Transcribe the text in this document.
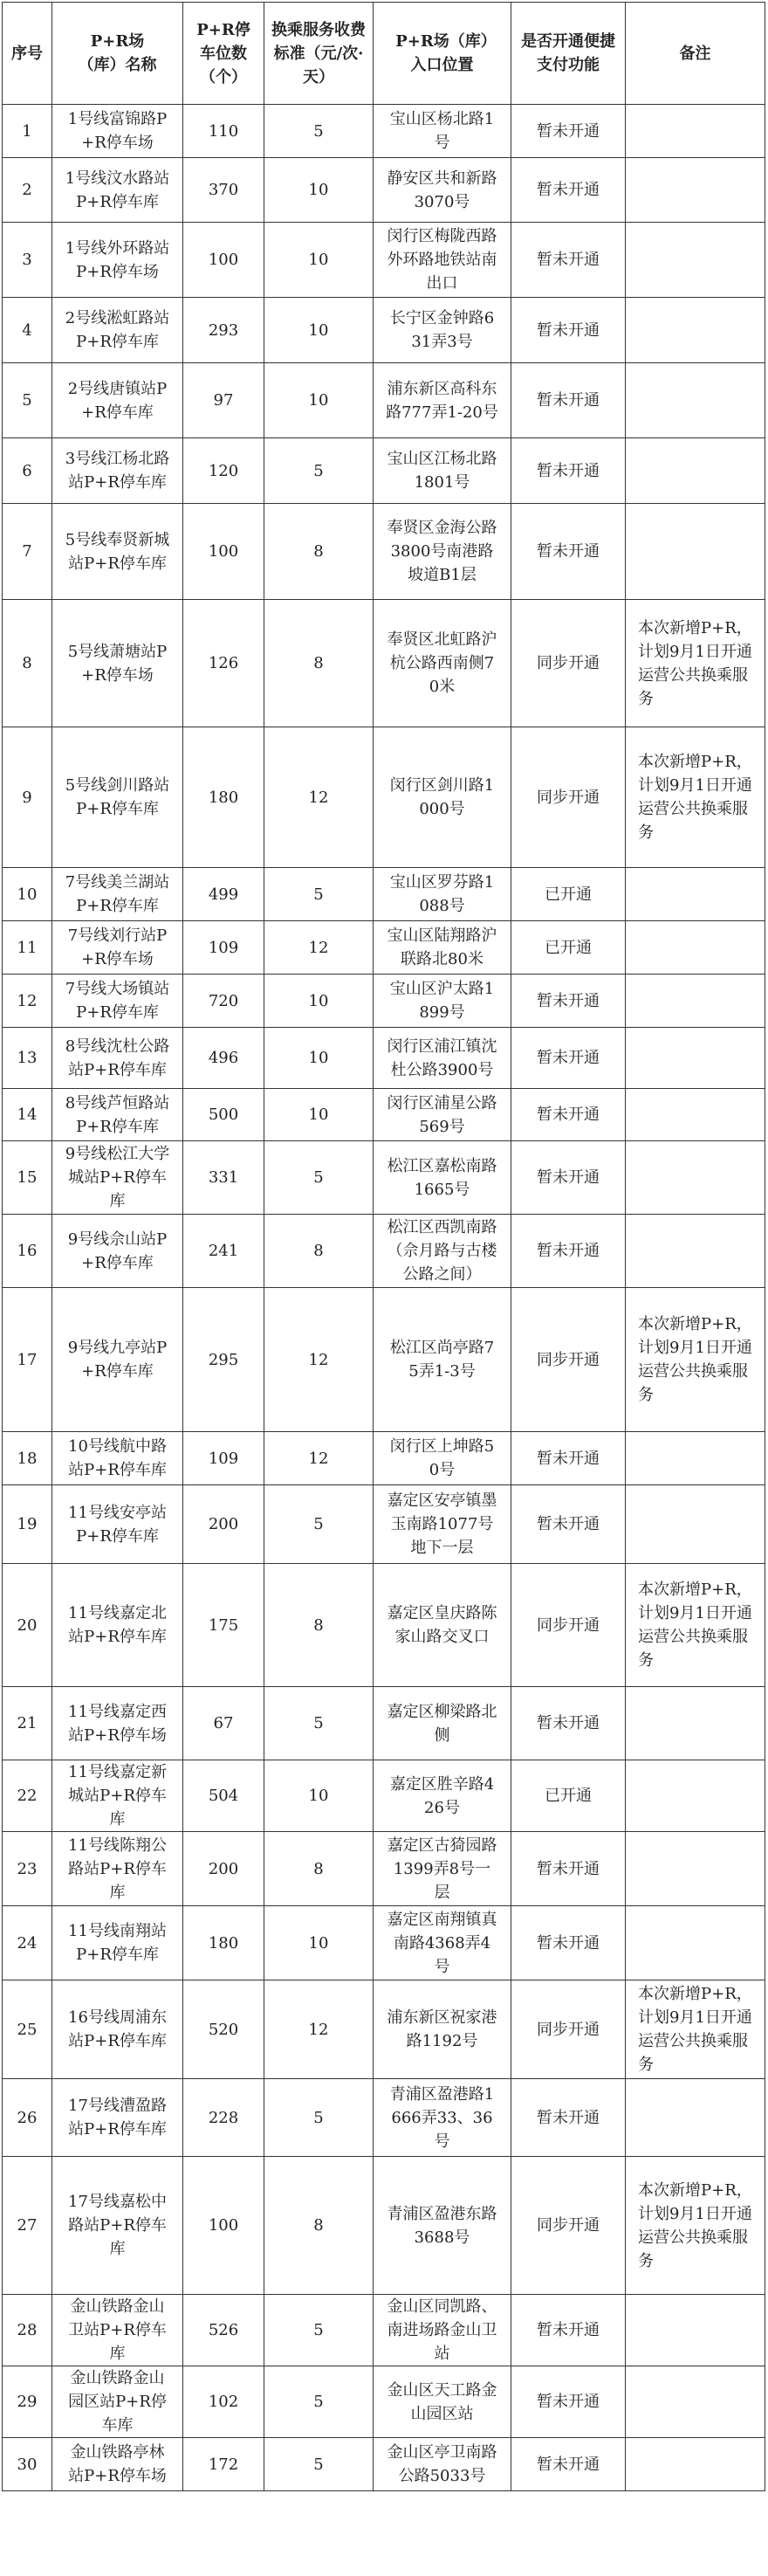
序号	P+R场（库）名称	P+R停车位数（个）	换乘服务收费标准（元/次·天）	P+R场（库）入口位置	是否开通便捷支付功能	备注
1	1号线富锦路P+R停车场	110	5	宝山区杨北路1号	暂未开通	
2	1号线汶水路站P+R停车库	370	10	静安区共和新路3070号	暂未开通	
3	1号线外环路站P+R停车场	100	10	闵行区梅陇西路外环路地铁站南出口	暂未开通	
4	2号线淞虹路站P+R停车库	293	10	长宁区金钟路631弄3号	暂未开通	
5	2号线唐镇站P+R停车库	97	10	浦东新区高科东路777弄1-20号	暂未开通	
6	3号线江杨北路站P+R停车库	120	5	宝山区江杨北路1801号	暂未开通	
7	5号线奉贤新城站P+R停车库	100	8	奉贤区金海公路3800号南港路坡道B1层	暂未开通	
8	5号线萧塘站P+R停车场	126	8	奉贤区北虹路沪杭公路西南侧70米	同步开通	本次新增P+R，计划9月1日开通运营公共换乘服务
9	5号线剑川路站P+R停车库	180	12	闵行区剑川路1000号	同步开通	本次新增P+R，计划9月1日开通运营公共换乘服务
10	7号线美兰湖站P+R停车库	499	5	宝山区罗芬路1088号	已开通	
11	7号线刘行站P+R停车场	109	12	宝山区陆翔路沪联路北80米	已开通	
12	7号线大场镇站P+R停车库	720	10	宝山区沪太路1899号	暂未开通	
13	8号线沈杜公路站P+R停车库	496	10	闵行区浦江镇沈杜公路3900号	暂未开通	
14	8号线芦恒路站P+R停车库	500	10	闵行区浦星公路569号	暂未开通	
15	9号线松江大学城站P+R停车库	331	5	松江区嘉松南路1665号	暂未开通	
16	9号线佘山站P+R停车库	241	8	松江区西凯南路（佘月路与古楼公路之间）	暂未开通	
17	9号线九亭站P+R停车库	295	12	松江区尚亭路75弄1-3号	同步开通	本次新增P+R，计划9月1日开通运营公共换乘服务
18	10号线航中路站P+R停车库	109	12	闵行区上坤路50号	暂未开通	
19	11号线安亭站P+R停车库	200	5	嘉定区安亭镇墨玉南路1077号地下一层	暂未开通	
20	11号线嘉定北站P+R停车库	175	8	嘉定区皇庆路陈家山路交叉口	同步开通	本次新增P+R，计划9月1日开通运营公共换乘服务
21	11号线嘉定西站P+R停车场	67	5	嘉定区柳梁路北侧	暂未开通	
22	11号线嘉定新城站P+R停车库	504	10	嘉定区胜辛路426号	已开通	
23	11号线陈翔公路站P+R停车库	200	8	嘉定区古猗园路1399弄8号一层	暂未开通	
24	11号线南翔站P+R停车库	180	10	嘉定区南翔镇真南路4368弄4号	暂未开通	
25	16号线周浦东站P+R停车库	520	12	浦东新区祝家港路1192号	同步开通	本次新增P+R，计划9月1日开通运营公共换乘服务
26	17号线漕盈路站P+R停车库	228	5	青浦区盈港路1666弄33、36号	暂未开通	
27	17号线嘉松中路站P+R停车库	100	8	青浦区盈港东路3688号	同步开通	本次新增P+R，计划9月1日开通运营公共换乘服务
28	金山铁路金山卫站P+R停车库	526	5	金山区同凯路、南进场路金山卫站	暂未开通	
29	金山铁路金山园区站P+R停车库	102	5	金山区天工路金山园区站	暂未开通	
30	金山铁路亭林站P+R停车场	172	5	金山区亭卫南路公路5033号	暂未开通	
